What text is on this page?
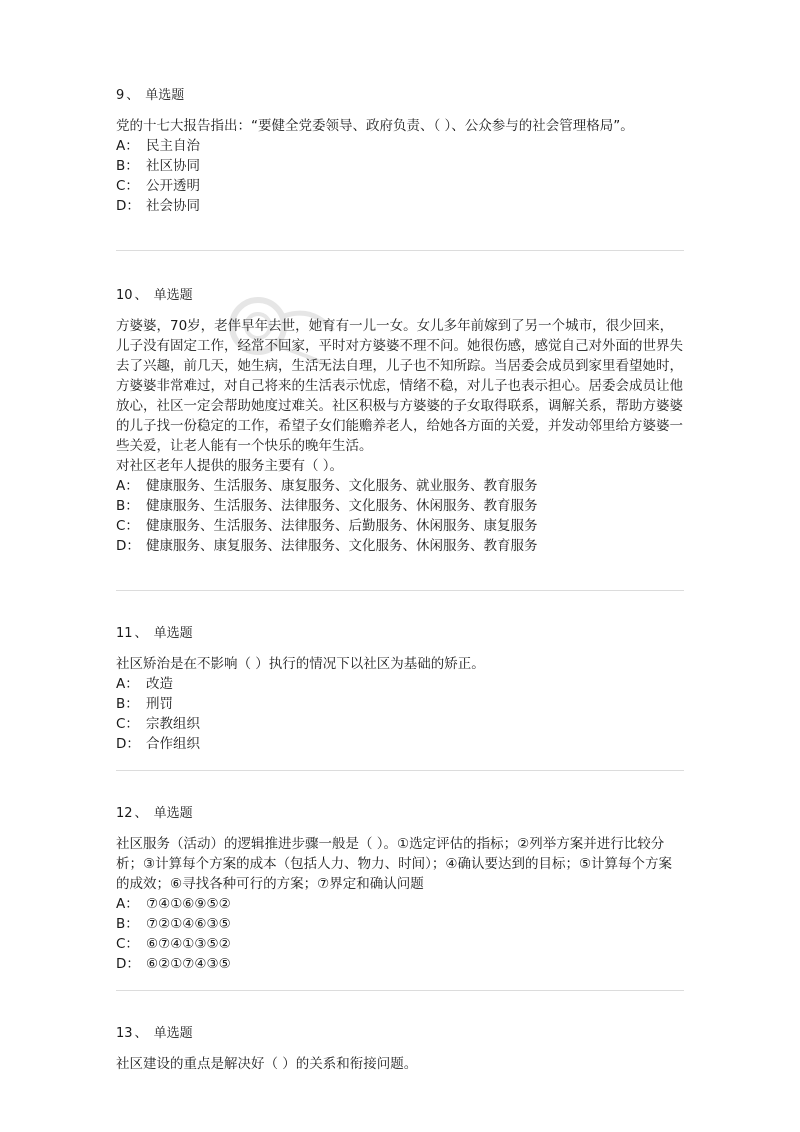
9 、 单选题

党的十七大报告指出：“要健全党委领导、政府负责、（ ）、公众参与的社会管理格局”。

A： 民主自治
B： 社区协同
C： 公开透明
D： 社会协同
10 、 单选题

方婆婆，70岁，老伴早年去世，她育有一儿一女。女儿多年前嫁到了另一个城市，很少回来，儿子没有固定工作，经常不回家，平时对方婆婆不理不问。她很伤感，感觉自己对外面的世界失去了兴趣，前几天，她生病，生活无法自理，儿子也不知所踪。当居委会成员到家里看望她时，方婆婆非常难过，对自己将来的生活表示忧虑，情绪不稳，对儿子也表示担心。居委会成员让他放心，社区一定会帮助她度过难关。社区积极与方婆婆的子女取得联系，调解关系，帮助方婆婆的儿子找一份稳定的工作，希望子女们能赡养老人，给她各方面的关爱，并发动邻里给方婆婆一些关爱，让老人能有一个快乐的晚年生活。

对社区老年人提供的服务主要有（ ）。

A： 健康服务、生活服务、康复服务、文化服务、就业服务、教育服务
B： 健康服务、生活服务、法律服务、文化服务、休闲服务、教育服务
C： 健康服务、生活服务、法律服务、后勤服务、休闲服务、康复服务
D： 健康服务、康复服务、法律服务、文化服务、休闲服务、教育服务
11 、 单选题

社区矫治是在不影响（ ）执行的情况下以社区为基础的矫正。

A： 改造
B： 刑罚
C： 宗教组织
D： 合作组织
12 、 单选题

社区服务（活动）的逻辑推进步骤一般是（ ）。①选定评估的指标；②列举方案并进行比较分析；③计算每个方案的成本（包括人力、物力、时间）；④确认要达到的目标；⑤计算每个方案的成效；⑥寻找各种可行的方案；⑦界定和确认问题

A： ⑦④①⑥⑨⑤②
B： ⑦②①④⑥③⑤
C： ⑥⑦④①③⑤②
D： ⑥②①⑦④③⑤
13 、 单选题

社区建设的重点是解决好（ ）的关系和衔接问题。
